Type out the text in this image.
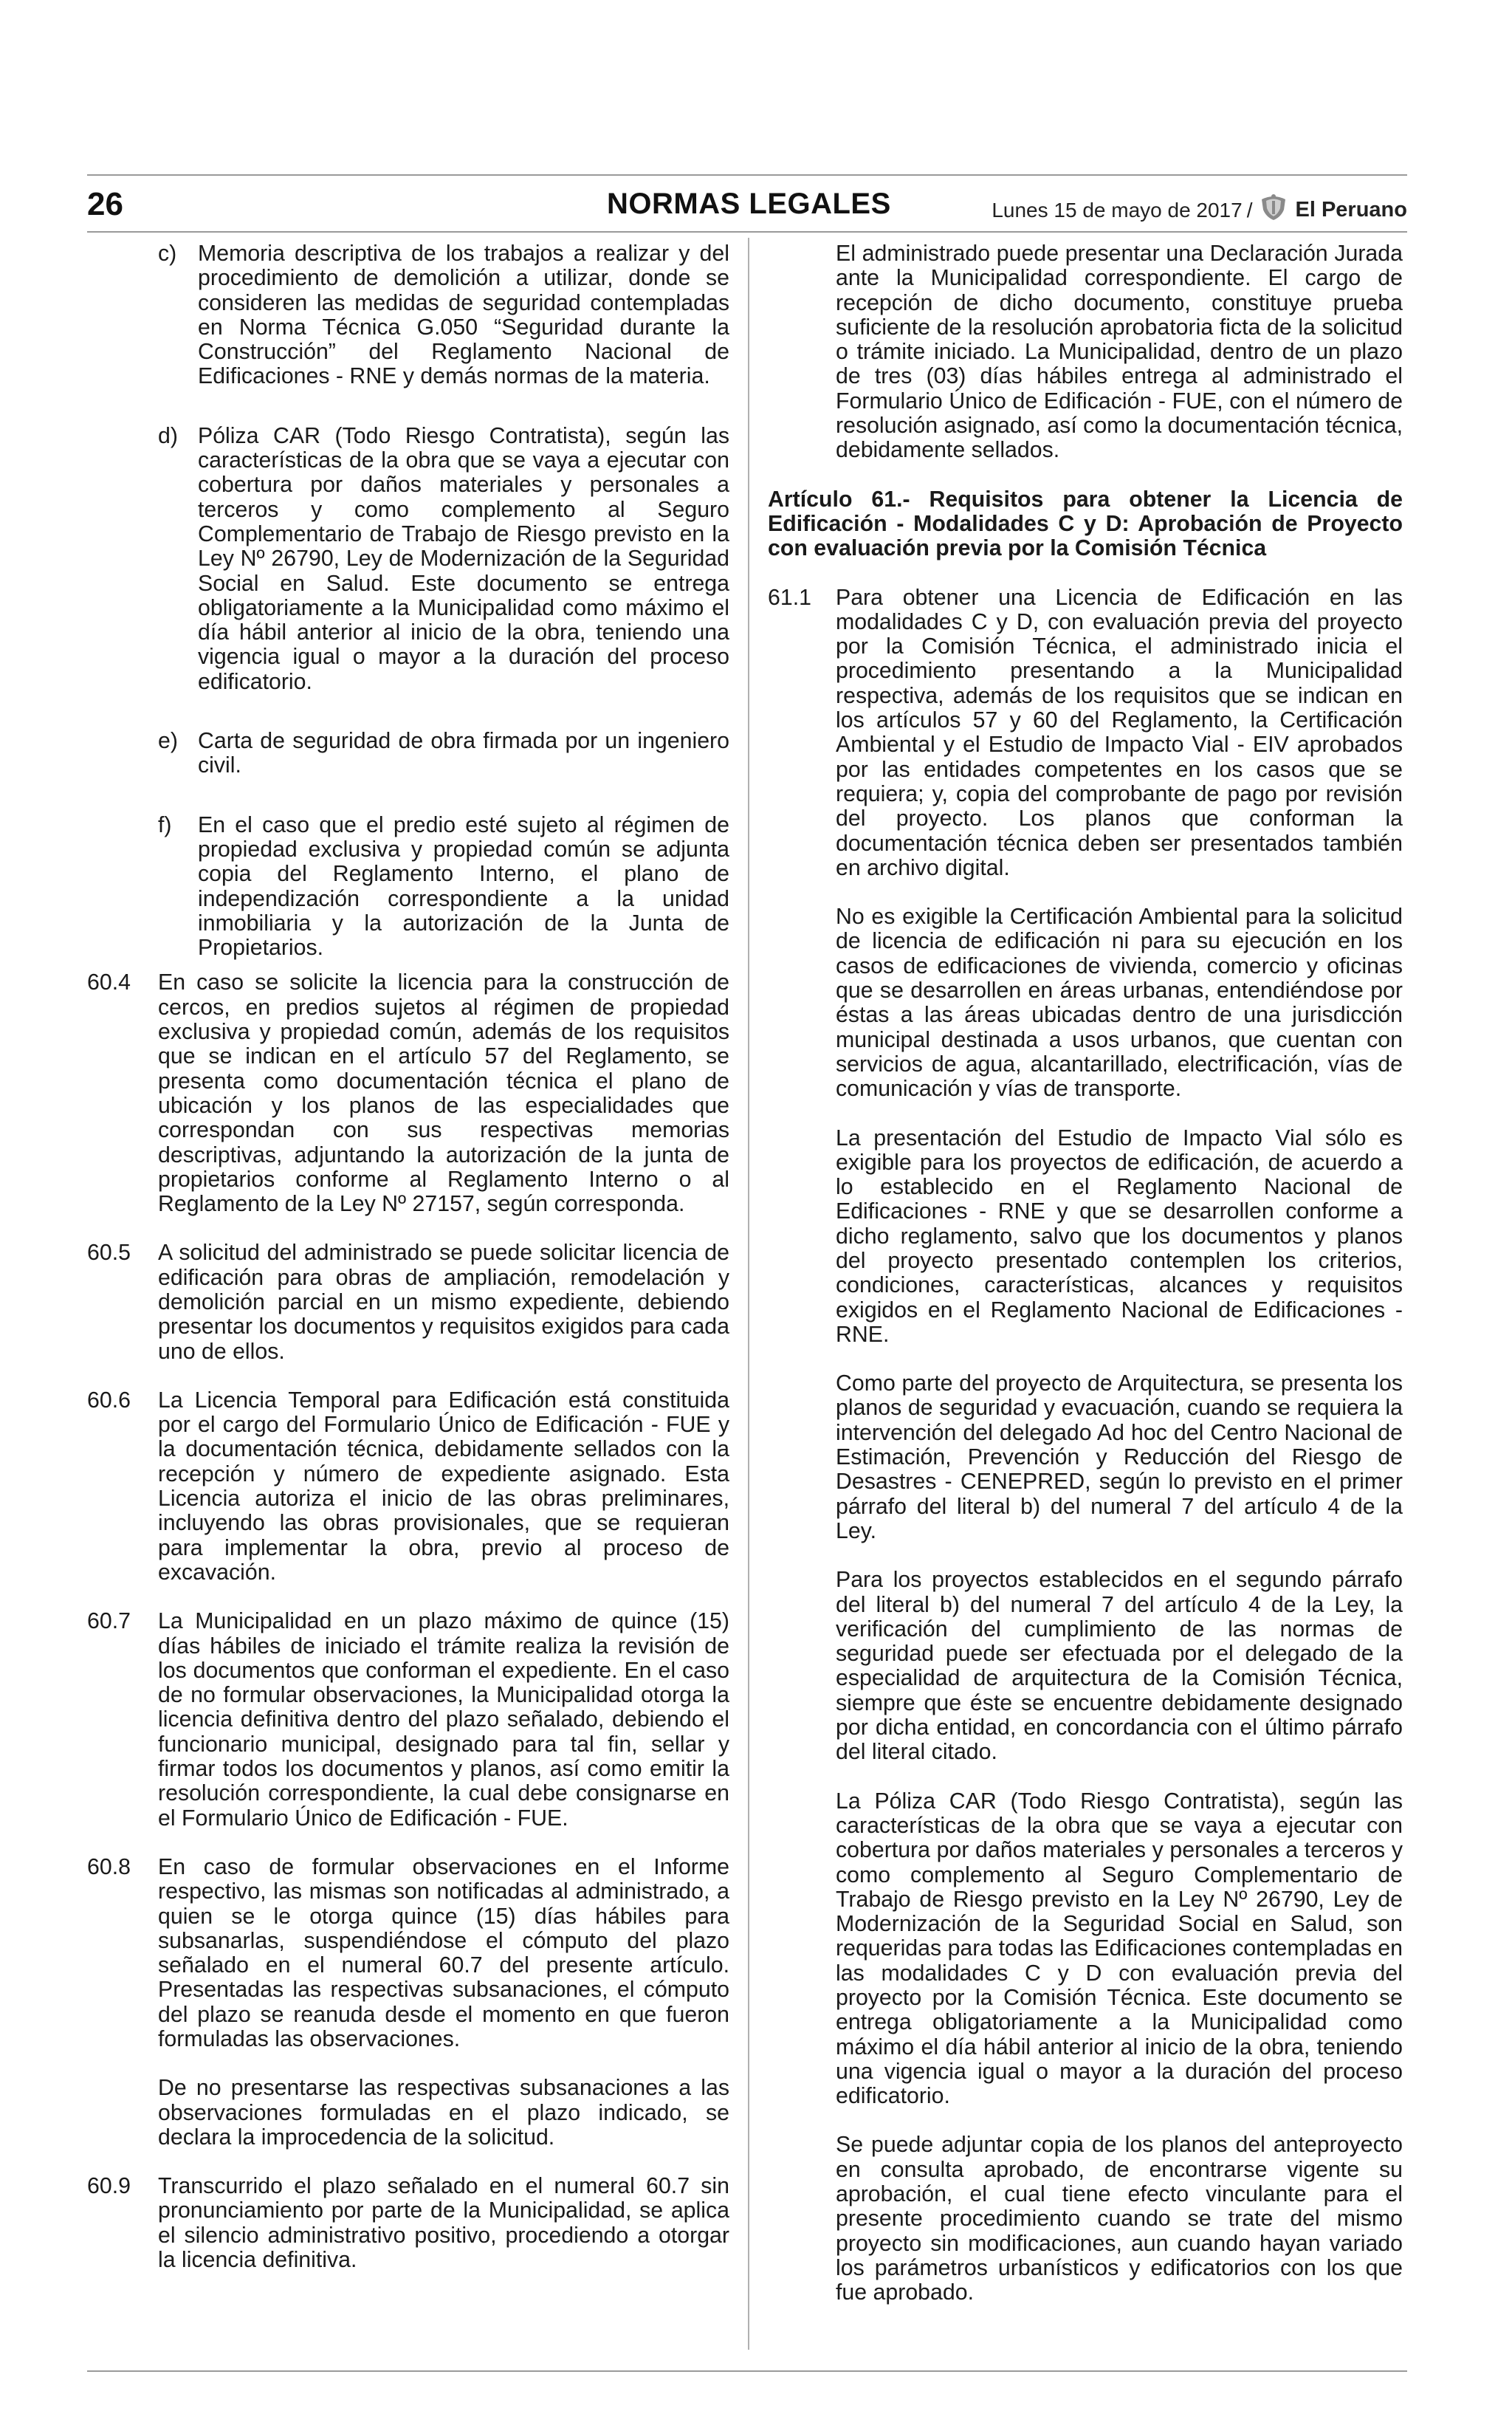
26	NORMAS LEGALES	Lunes 15 de mayo de 2017 / El Peruano
c) Memoria descriptiva de los trabajos a realizar y del procedimiento de demolición a utilizar, donde se consideren las medidas de seguridad contempladas en Norma Técnica G.050 “Seguridad durante la Construcción” del Reglamento Nacional de Edificaciones - RNE y demás normas de la materia.
d) Póliza CAR (Todo Riesgo Contratista), según las características de la obra que se vaya a ejecutar con cobertura por daños materiales y personales a terceros y como complemento al Seguro Complementario de Trabajo de Riesgo previsto en la Ley Nº 26790, Ley de Modernización de la Seguridad Social en Salud. Este documento se entrega obligatoriamente a la Municipalidad como máximo el día hábil anterior al inicio de la obra, teniendo una vigencia igual o mayor a la duración del proceso edificatorio.
e) Carta de seguridad de obra firmada por un ingeniero civil.
f)	En el caso que el predio esté sujeto al régimen de propiedad exclusiva y propiedad común se adjunta copia del Reglamento Interno, el plano de independización correspondiente a la unidad inmobiliaria y la autorización de la Junta de Propietarios.
60.4	En caso se solicite la licencia para la construcción de cercos, en predios sujetos al régimen de propiedad exclusiva y propiedad común, además de los requisitos que se indican en el artículo 57 del Reglamento, se presenta como documentación técnica el plano de ubicación y los planos de las especialidades que correspondan con sus respectivas memorias descriptivas, adjuntando la autorización de la junta de propietarios conforme al Reglamento Interno o al Reglamento de la Ley Nº 27157, según corresponda.
60.5	A solicitud del administrado se puede solicitar licencia de edificación para obras de ampliación, remodelación y demolición parcial en un mismo expediente, debiendo presentar los documentos y requisitos exigidos para cada uno de ellos.
60.6	La Licencia Temporal para Edificación está constituida por el cargo del Formulario Único de Edificación - FUE y la documentación técnica, debidamente sellados con la recepción y número de expediente asignado. Esta Licencia autoriza el inicio de las obras preliminares, incluyendo las obras provisionales, que se requieran para implementar la obra, previo al proceso de excavación.
60.7	La Municipalidad en un plazo máximo de quince (15) días hábiles de iniciado el trámite realiza la revisión de los documentos que conforman el expediente. En el caso de no formular observaciones, la Municipalidad otorga la licencia definitiva dentro del plazo señalado, debiendo el funcionario municipal, designado para tal fin, sellar y firmar todos los documentos y planos, así como emitir la resolución correspondiente, la cual debe consignarse en el Formulario Único de Edificación - FUE.
60.8	En caso de formular observaciones en el Informe respectivo, las mismas son notificadas al administrado, a quien se le otorga quince (15) días hábiles para subsanarlas, suspendiéndose el cómputo del plazo señalado en el numeral 60.7 del presente artículo. Presentadas las respectivas subsanaciones, el cómputo del plazo se reanuda desde el momento en que fueron formuladas las observaciones.

De no presentarse las respectivas subsanaciones a las observaciones formuladas en el plazo indicado, se declara la improcedencia de la solicitud.

60.9	Transcurrido el plazo señalado en el numeral 60.7 sin pronunciamiento por parte de la Municipalidad, se aplica el silencio administrativo positivo, procediendo a otorgar la licencia definitiva.

El administrado puede presentar una Declaración Jurada ante la Municipalidad correspondiente. El cargo de recepción de dicho documento, constituye prueba suficiente de la resolución aprobatoria ficta de la solicitud o trámite iniciado. La Municipalidad, dentro de un plazo de tres (03) días hábiles entrega al administrado el Formulario Único de Edificación - FUE, con el número de resolución asignado, así como la documentación técnica, debidamente sellados.

Artículo 61.- Requisitos para obtener la Licencia de Edificación - Modalidades C y D: Aprobación de Proyecto con evaluación previa por la Comisión Técnica
61.1	Para obtener una Licencia de Edificación en las modalidades C y D, con evaluación previa del proyecto por la Comisión Técnica, el administrado inicia el procedimiento presentando a la Municipalidad respectiva, además de los requisitos que se indican en los artículos 57 y 60 del Reglamento, la Certificación Ambiental y el Estudio de Impacto Vial - EIV aprobados por las entidades competentes en los casos que se requiera; y, copia del comprobante de pago por revisión del proyecto. Los planos que conforman la documentación técnica deben ser presentados también en archivo digital.

No es exigible la Certificación Ambiental para la solicitud de licencia de edificación ni para su ejecución en los casos de edificaciones de vivienda, comercio y oficinas que se desarrollen en áreas urbanas, entendiéndose por éstas a las áreas ubicadas dentro de una jurisdicción municipal destinada a usos urbanos, que cuentan con servicios de agua, alcantarillado, electrificación, vías de comunicación y vías de transporte.

La presentación del Estudio de Impacto Vial sólo es exigible para los proyectos de edificación, de acuerdo a lo establecido en el Reglamento Nacional de Edificaciones - RNE y que se desarrollen conforme a dicho reglamento, salvo que los documentos y planos del proyecto presentado contemplen los criterios, condiciones, características, alcances y requisitos exigidos en el Reglamento Nacional de Edificaciones - RNE.

Como parte del proyecto de Arquitectura, se presenta los planos de seguridad y evacuación, cuando se requiera la intervención del delegado Ad hoc del Centro Nacional de Estimación, Prevención y Reducción del Riesgo de Desastres - CENEPRED, según lo previsto en el primer párrafo del literal b) del numeral 7 del artículo 4 de la Ley.

Para los proyectos establecidos en el segundo párrafo del literal b) del numeral 7 del artículo 4 de la Ley, la verificación del cumplimiento de las normas de seguridad puede ser efectuada por el delegado de la especialidad de arquitectura de la Comisión Técnica, siempre que éste se encuentre debidamente designado por dicha entidad, en concordancia con el último párrafo del literal citado.

La Póliza CAR (Todo Riesgo Contratista), según las características de la obra que se vaya a ejecutar con cobertura por daños materiales y personales a terceros y como complemento al Seguro Complementario de Trabajo de Riesgo previsto en la Ley Nº 26790, Ley de Modernización de la Seguridad Social en Salud, son requeridas para todas las Edificaciones contempladas en las modalidades C y D con evaluación previa del proyecto por la Comisión Técnica. Este documento se entrega obligatoriamente a la Municipalidad como máximo el día hábil anterior al inicio de la obra, teniendo una vigencia igual o mayor a la duración del proceso edificatorio.

Se puede adjuntar copia de los planos del anteproyecto en consulta aprobado, de encontrarse vigente su aprobación, el cual tiene efecto vinculante para el presente procedimiento cuando se trate del mismo proyecto sin modificaciones, aun cuando hayan variado los parámetros urbanísticos y edificatorios con los que fue aprobado.
